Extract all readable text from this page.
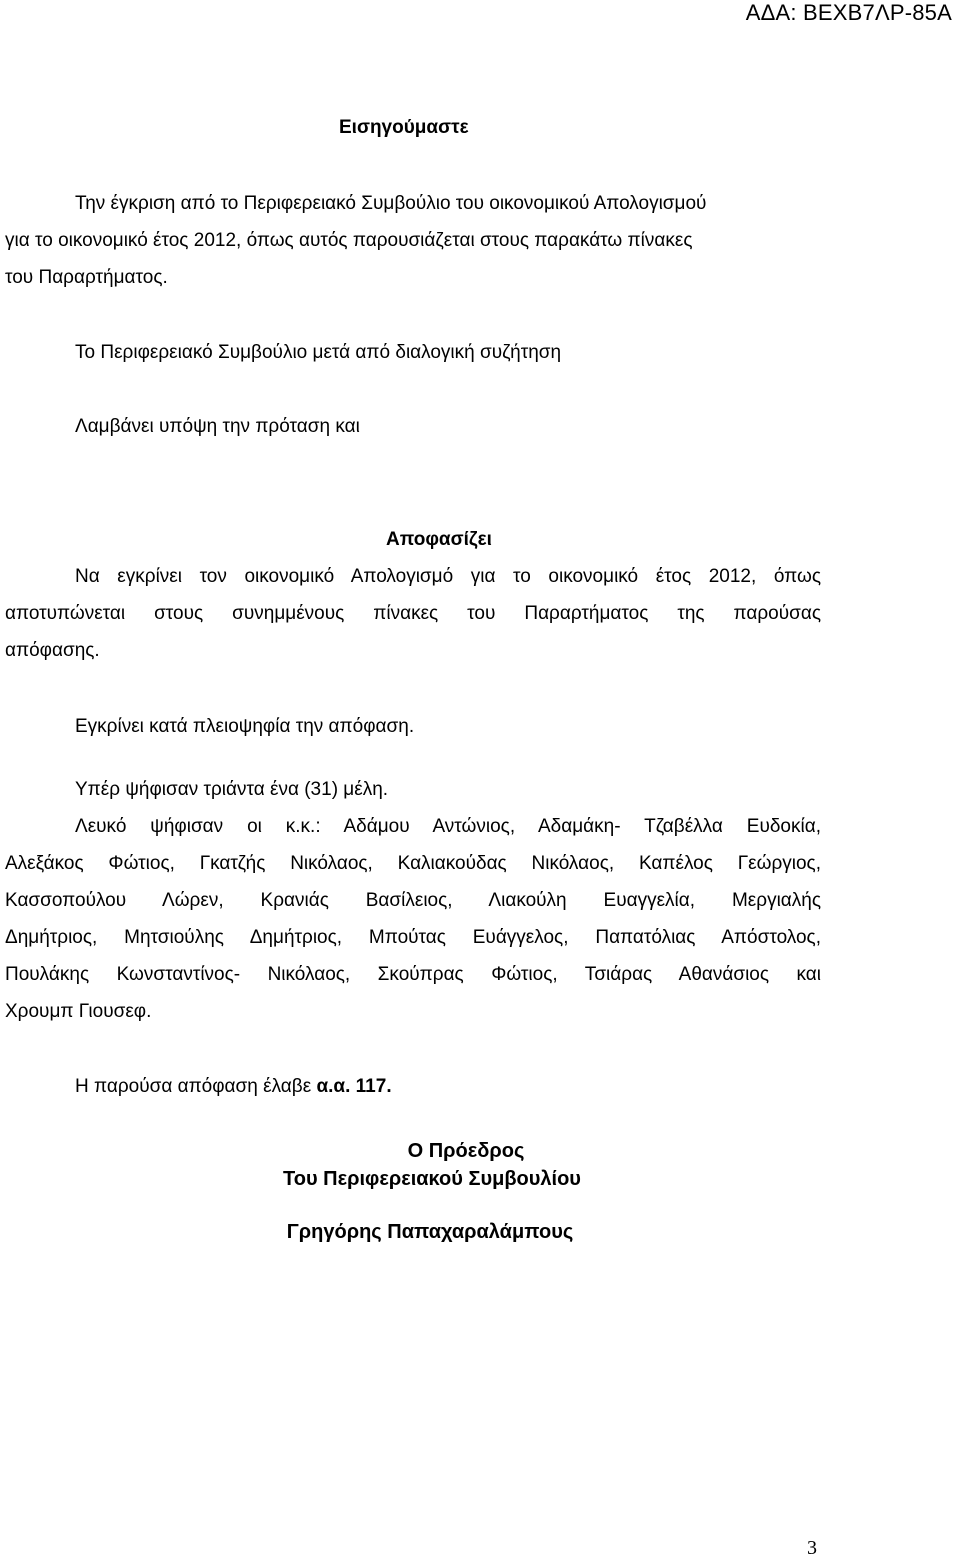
ΑΔΑ: ΒΕΧΒ7ΛΡ-85Α

Εισηγούμαστε

Την έγκριση από το Περιφερειακό Συμβούλιο του οικονομικού Απολογισμού

για το οικονομικό έτος 2012, όπως αυτός παρουσιάζεται στους παρακάτω πίνακες

του Παραρτήματος.

Το Περιφερειακό Συμβούλιο μετά από διαλογική συζήτηση

Λαμβάνει υπόψη την πρόταση και

Αποφασίζει

Να εγκρίνει τον οικονομικό Απολογισμό για το οικονομικό έτος 2012, όπως
αποτυπώνεται στους συνημμένους πίνακες του Παραρτήματος της παρούσας

απόφασης.

Εγκρίνει κατά πλειοψηφία την απόφαση.

Υπέρ ψήφισαν τριάντα ένα (31) μέλη.

Λευκό ψήφισαν οι κ.κ.: Αδάμου Αντώνιος, Αδαμάκη- Τζαβέλλα Ευδοκία,
Αλεξάκος Φώτιος, Γκατζής Νικόλαος, Καλιακούδας Νικόλαος, Καπέλος Γεώργιος,
Κασσοπούλου Λώρεν, Κρανιάς Βασίλειος, Λιακούλη Ευαγγελία, Μεργιαλής
Δημήτριος, Μητσιούλης Δημήτριος, Μπούτας Ευάγγελος, Παπατόλιας Απόστολος,
Πουλάκης Κωνσταντίνος- Νικόλαος, Σκούπρας Φώτιος, Τσιάρας Αθανάσιος και

Χρουμπ Γιουσεφ.

Η παρούσα απόφαση έλαβε α.α. 117.

Ο Πρόεδρος

Του Περιφερειακού Συμβουλίου

Γρηγόρης Παπαχαραλάμπους

3
